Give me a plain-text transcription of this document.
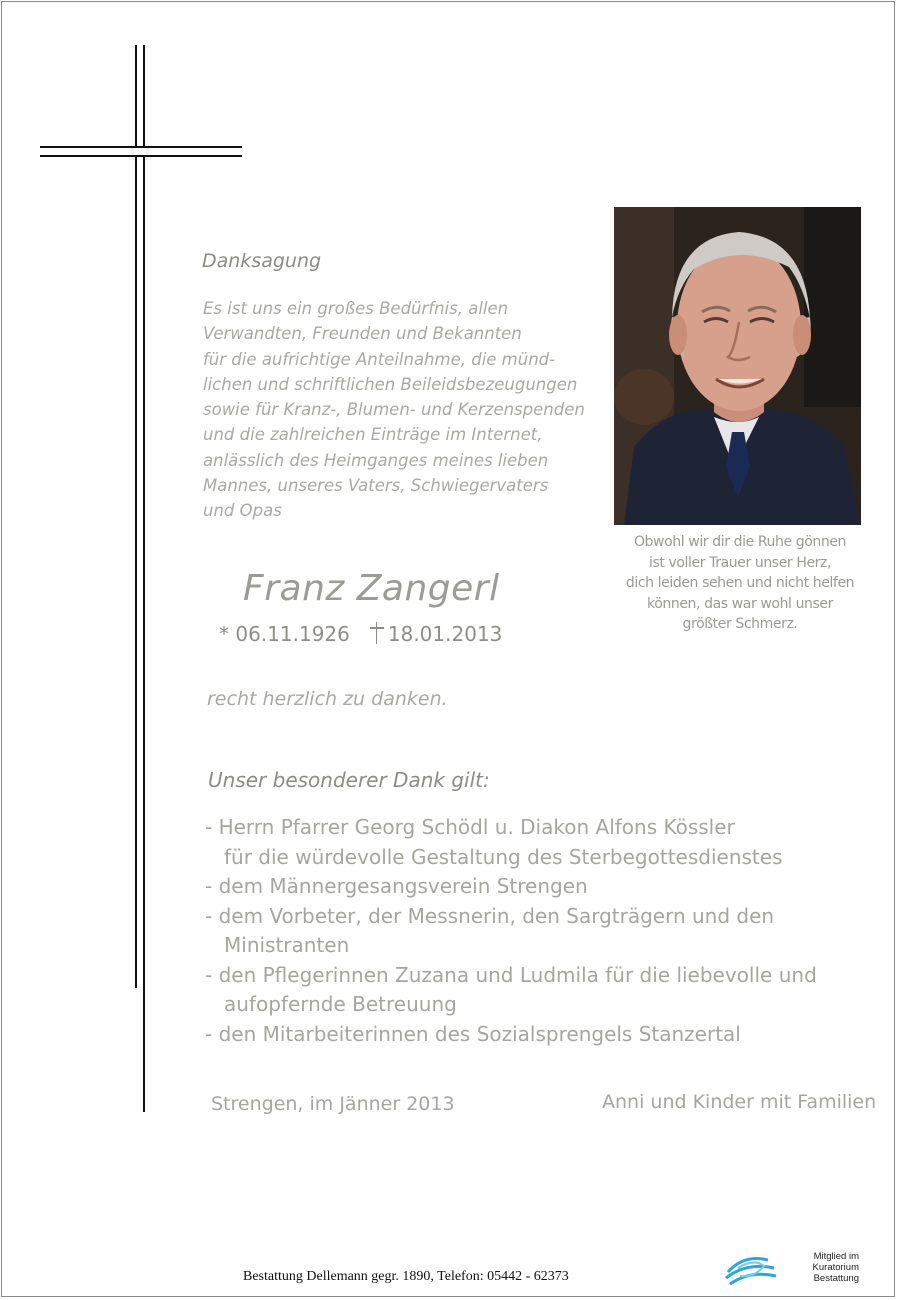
Danksagung
Es ist uns ein großes Bedürfnis, allen
Verwandten, Freunden und Bekannten
für die aufrichtige Anteilnahme, die münd-
lichen und schriftlichen Beileidsbezeugungen
sowie für Kranz-, Blumen- und Kerzenspenden
und die zahlreichen Einträge im Internet,
anlässlich des Heimganges meines lieben
Mannes, unseres Vaters, Schwiegervaters
und Opas
Franz Zangerl
* 06.11.1926 18.01.2013
recht herzlich zu danken.
Unser besonderer Dank gilt:
- Herrn Pfarrer Georg Schödl u. Diakon Alfons Kössler
für die würdevolle Gestaltung des Sterbegottesdienstes
- dem Männergesangsverein Strengen
- dem Vorbeter, der Messnerin, den Sargträgern und den
Ministranten
- den Pflegerinnen Zuzana und Ludmila für die liebevolle und
aufopfernde Betreuung
- den Mitarbeiterinnen des Sozialsprengels Stanzertal
Strengen, im Jänner 2013	Anni und Kinder mit Familien
Obwohl wir dir die Ruhe gönnen
ist voller Trauer unser Herz,
dich leiden sehen und nicht helfen
können, das war wohl unser
größter Schmerz.
Bestattung Dellemann gegr. 1890, Telefon: 05442 - 62373
Mitglied im
Kuratorium Bestattung
